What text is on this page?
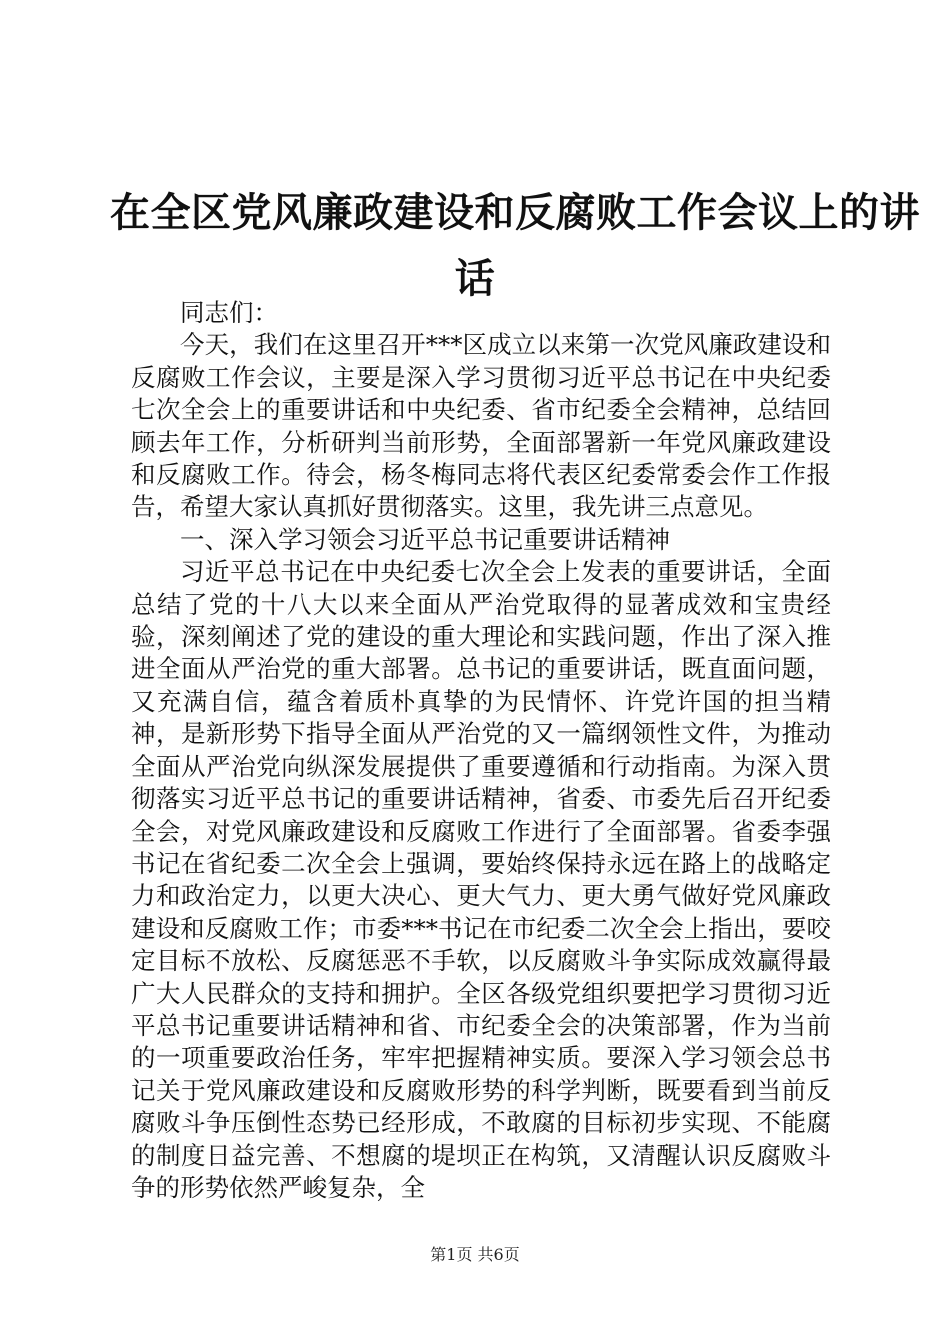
在全区党风廉政建设和反腐败工作会议上的讲
话

同志们：

今天，我们在这里召开***区成立以来第一次党风廉政建设和反腐败工作会议，主要是深入学习贯彻习近平总书记在中央纪委七次全会上的重要讲话和中央纪委、省市纪委全会精神，总结回顾去年工作，分析研判当前形势，全面部署新一年党风廉政建设和反腐败工作。待会，杨冬梅同志将代表区纪委常委会作工作报告，希望大家认真抓好贯彻落实。这里，我先讲三点意见。

一、深入学习领会习近平总书记重要讲话精神

习近平总书记在中央纪委七次全会上发表的重要讲话，全面总结了党的十八大以来全面从严治党取得的显著成效和宝贵经验，深刻阐述了党的建设的重大理论和实践问题，作出了深入推进全面从严治党的重大部署。总书记的重要讲话，既直面问题，又充满自信，蕴含着质朴真挚的为民情怀、许党许国的担当精神，是新形势下指导全面从严治党的又一篇纲领性文件，为推动全面从严治党向纵深发展提供了重要遵循和行动指南。为深入贯彻落实习近平总书记的重要讲话精神，省委、市委先后召开纪委全会，对党风廉政建设和反腐败工作进行了全面部署。省委李强书记在省纪委二次全会上强调，要始终保持永远在路上的战略定力和政治定力，以更大决心、更大气力、更大勇气做好党风廉政建设和反腐败工作；市委***书记在市纪委二次全会上指出，要咬定目标不放松、反腐惩恶不手软，以反腐败斗争实际成效赢得最广大人民群众的支持和拥护。全区各级党组织要把学习贯彻习近平总书记重要讲话精神和省、市纪委全会的决策部署，作为当前的一项重要政治任务，牢牢把握精神实质。要深入学习领会总书记关于党风廉政建设和反腐败形势的科学判断，既要看到当前反腐败斗争压倒性态势已经形成，不敢腐的目标初步实现、不能腐的制度日益完善、不想腐的堤坝正在构筑，又清醒认识反腐败斗争的形势依然严峻复杂，全

第1页 共6页
